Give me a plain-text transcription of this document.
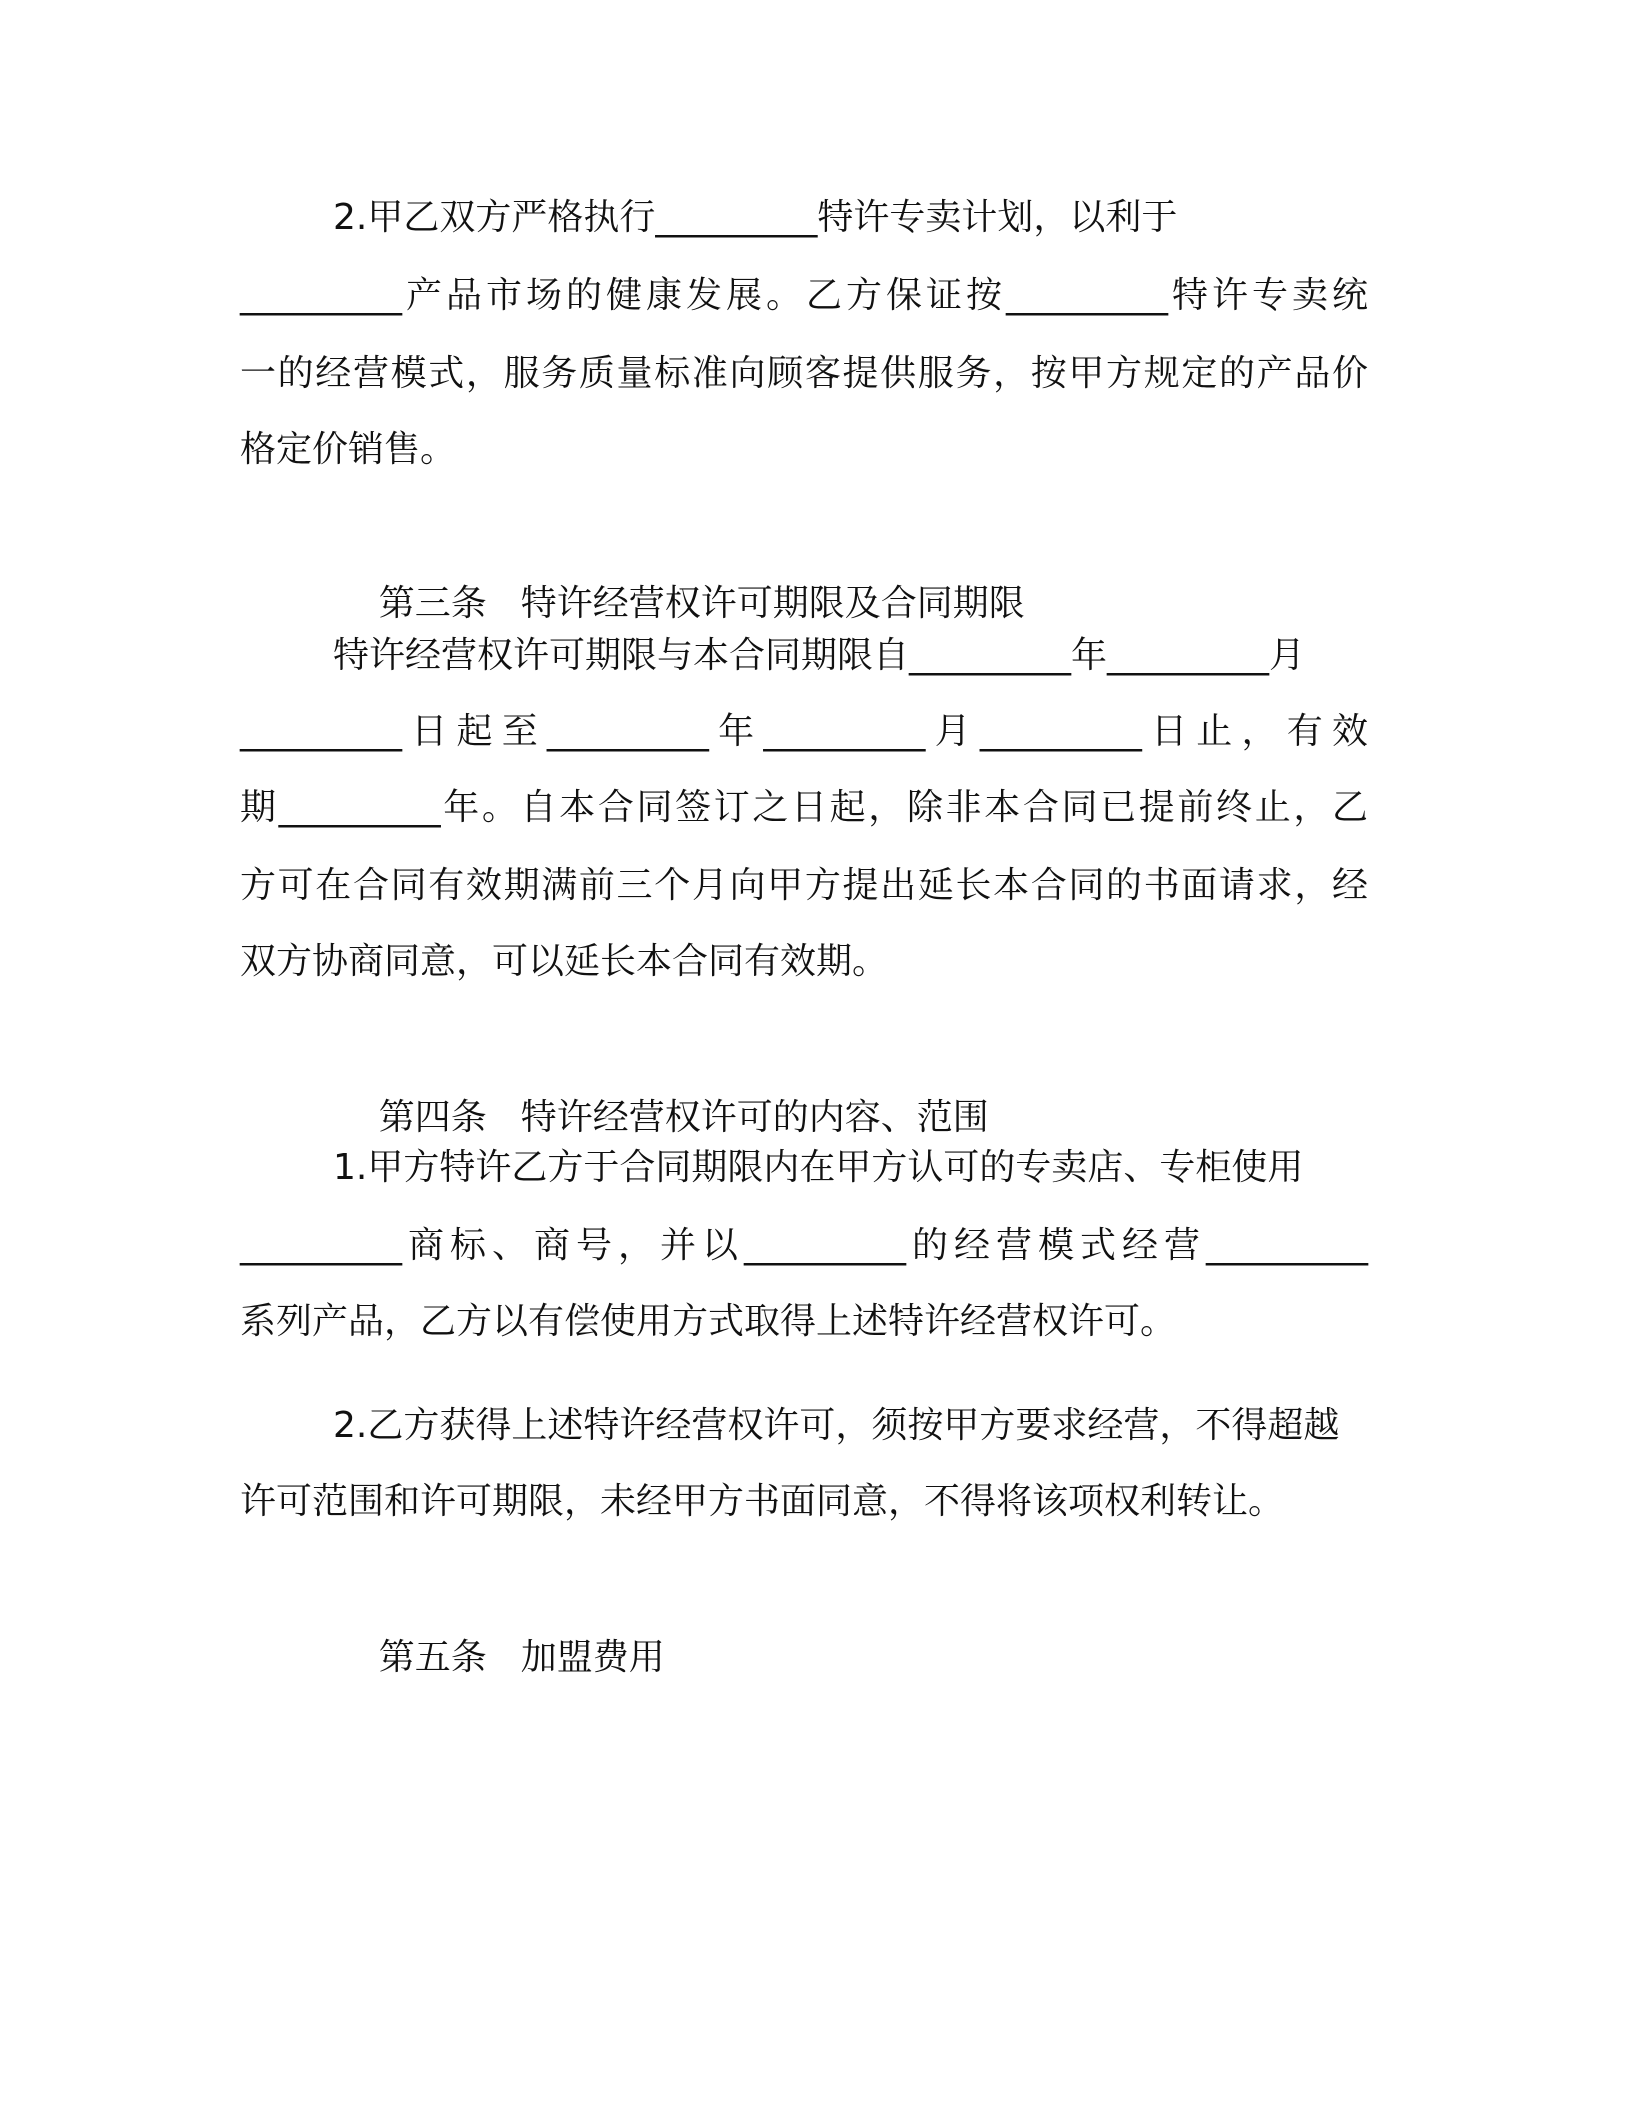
2.甲乙双方严格执行_________特许专卖计划，以利于
_________产品市场的健康发展。乙方保证按_________特许专卖统
一的经营模式，服务质量标准向顾客提供服务，按甲方规定的产品价
格定价销售。

第三条 特许经营权许可期限及合同期限

特许经营权许可期限与本合同期限自_________年_________月
_________日起至_________年_________月_________日止，有效
期_________年。自本合同签订之日起，除非本合同已提前终止，乙
方可在合同有效期满前三个月向甲方提出延长本合同的书面请求，经
双方协商同意，可以延长本合同有效期。

第四条 特许经营权许可的内容、范围

1.甲方特许乙方于合同期限内在甲方认可的专卖店、专柜使用
_________商标、商号，并以_________的经营模式经营_________
系列产品，乙方以有偿使用方式取得上述特许经营权许可。
2.乙方获得上述特许经营权许可，须按甲方要求经营，不得超越
许可范围和许可期限，未经甲方书面同意，不得将该项权利转让。

第五条 加盟费用
